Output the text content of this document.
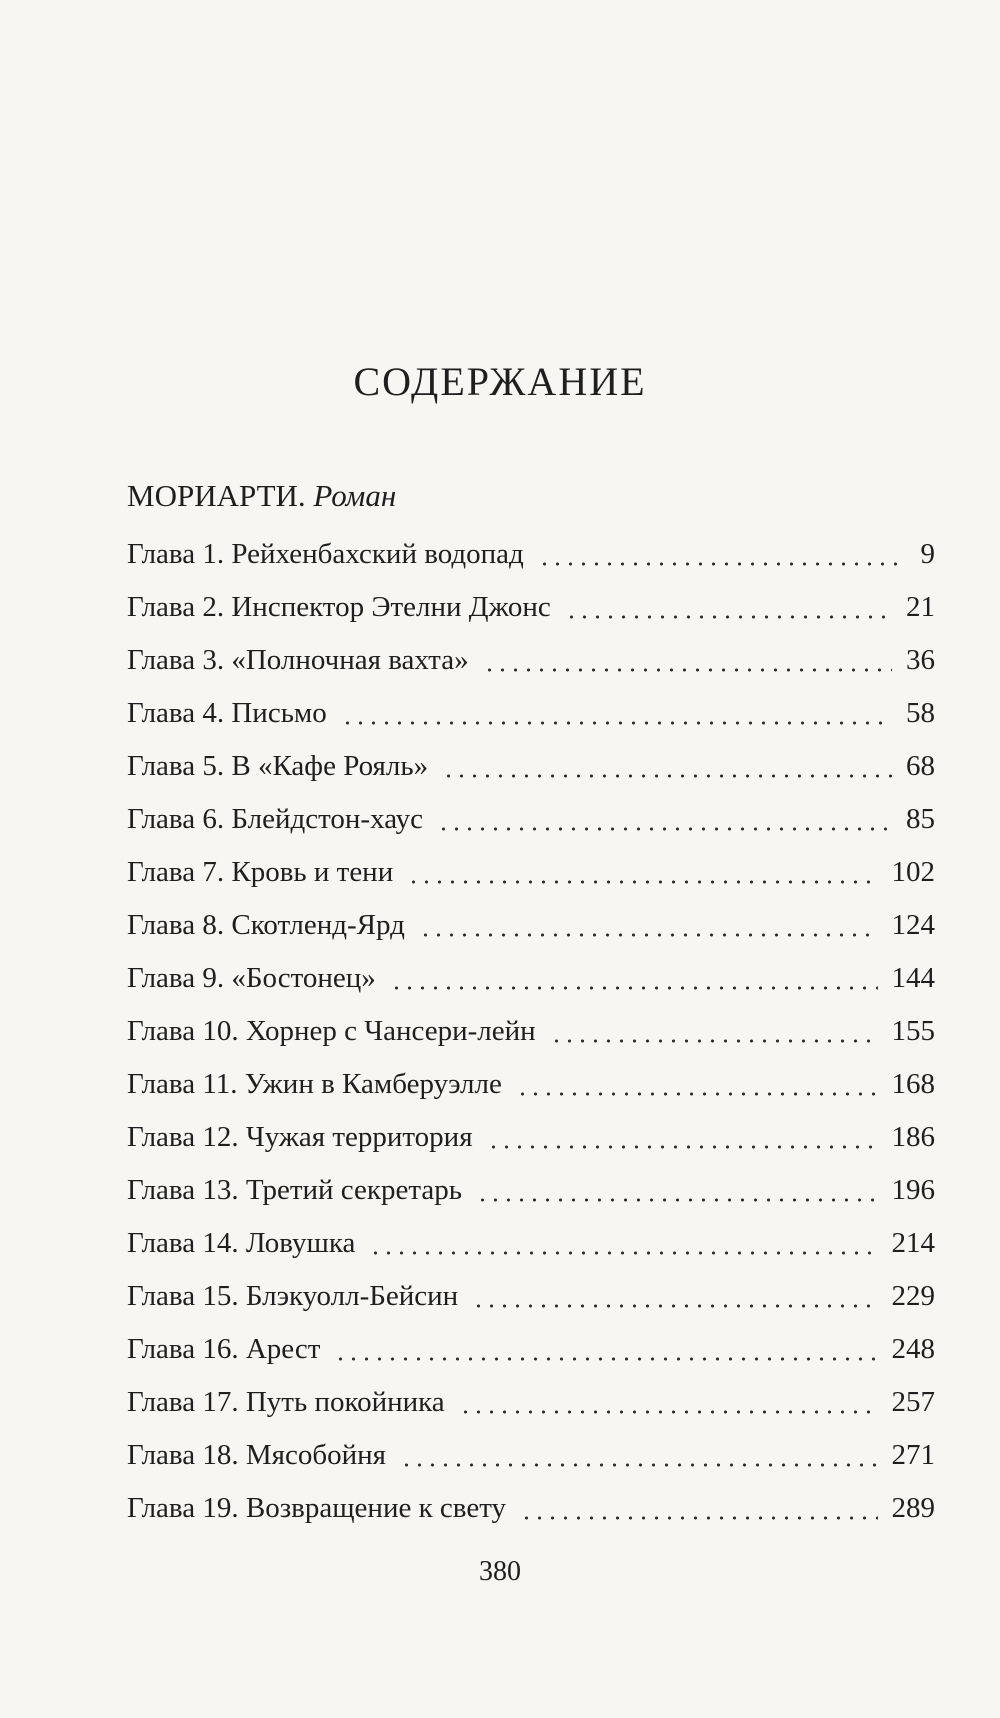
СОДЕРЖАНИЕ
МОРИАРТИ. Роман
Глава 1. Рейхенбахский водопад	9
Глава 2. Инспектор Этелни Джонс	21
Глава 3. «Полночная вахта»	36
Глава 4. Письмо	58
Глава 5. В «Кафе Рояль»	68
Глава 6. Блейдстон-хаус	85
Глава 7. Кровь и тени	102
Глава 8. Скотленд-Ярд	124
Глава 9. «Бостонец»	144
Глава 10. Хорнер с Чансери-лейн	155
Глава 11. Ужин в Камберуэлле	168
Глава 12. Чужая территория	186
Глава 13. Третий секретарь	196
Глава 14. Ловушка	214
Глава 15. Блэкуолл-Бейсин	229
Глава 16. Арест	248
Глава 17. Путь покойника	257
Глава 18. Мясобойня	271
Глава 19. Возвращение к свету	289
380
